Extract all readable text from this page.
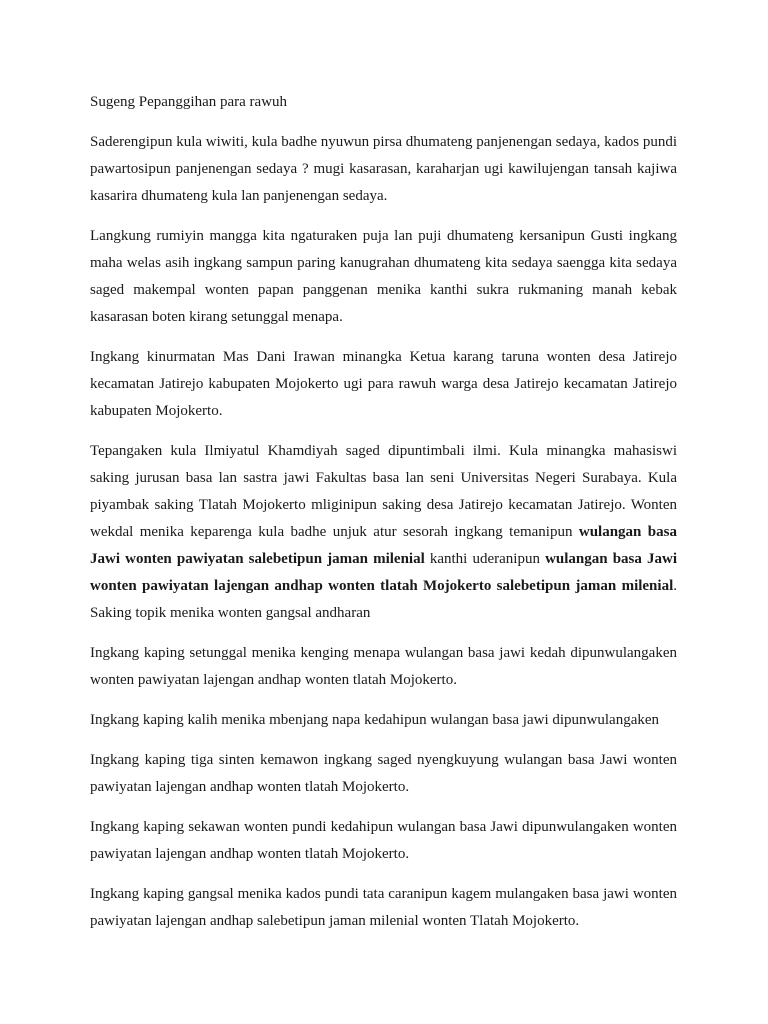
Sugeng Pepanggihan para rawuh

Saderengipun kula wiwiti, kula badhe nyuwun pirsa dhumateng panjenengan sedaya, kados pundi pawartosipun panjenengan sedaya ? mugi kasarasan, karaharjan ugi kawilujengan tansah kajiwa kasarira dhumateng kula lan panjenengan sedaya.

Langkung rumiyin mangga kita ngaturaken puja lan puji dhumateng kersanipun Gusti ingkang maha welas asih ingkang sampun paring kanugrahan dhumateng kita sedaya saengga kita sedaya saged makempal wonten papan panggenan menika kanthi sukra rukmaning manah kebak kasarasan boten kirang setunggal menapa.

Ingkang kinurmatan Mas Dani Irawan minangka Ketua karang taruna wonten desa Jatirejo kecamatan Jatirejo kabupaten Mojokerto ugi para rawuh warga desa Jatirejo kecamatan Jatirejo kabupaten Mojokerto.

Tepangaken kula Ilmiyatul Khamdiyah saged dipuntimbali ilmi. Kula minangka mahasiswi saking jurusan basa lan sastra jawi Fakultas basa lan seni Universitas Negeri Surabaya. Kula piyambak saking Tlatah Mojokerto mliginipun saking desa Jatirejo kecamatan Jatirejo. Wonten wekdal menika keparenga kula badhe unjuk atur sesorah ingkang temanipun wulangan basa Jawi wonten pawiyatan salebetipun jaman milenial kanthi uderanipun wulangan basa Jawi wonten pawiyatan lajengan andhap wonten tlatah Mojokerto salebetipun jaman milenial. Saking topik menika wonten gangsal andharan

Ingkang kaping setunggal menika kenging menapa wulangan basa jawi kedah dipunwulangaken wonten pawiyatan lajengan andhap wonten tlatah Mojokerto.

Ingkang kaping kalih menika mbenjang napa kedahipun wulangan basa jawi dipunwulangaken

Ingkang kaping tiga sinten kemawon ingkang saged nyengkuyung wulangan basa Jawi wonten pawiyatan lajengan andhap wonten tlatah Mojokerto.

Ingkang kaping sekawan wonten pundi kedahipun wulangan basa Jawi dipunwulangaken wonten pawiyatan lajengan andhap wonten tlatah Mojokerto.

Ingkang kaping gangsal menika kados pundi tata caranipun kagem mulangaken basa jawi wonten pawiyatan lajengan andhap salebetipun jaman milenial wonten Tlatah Mojokerto.
